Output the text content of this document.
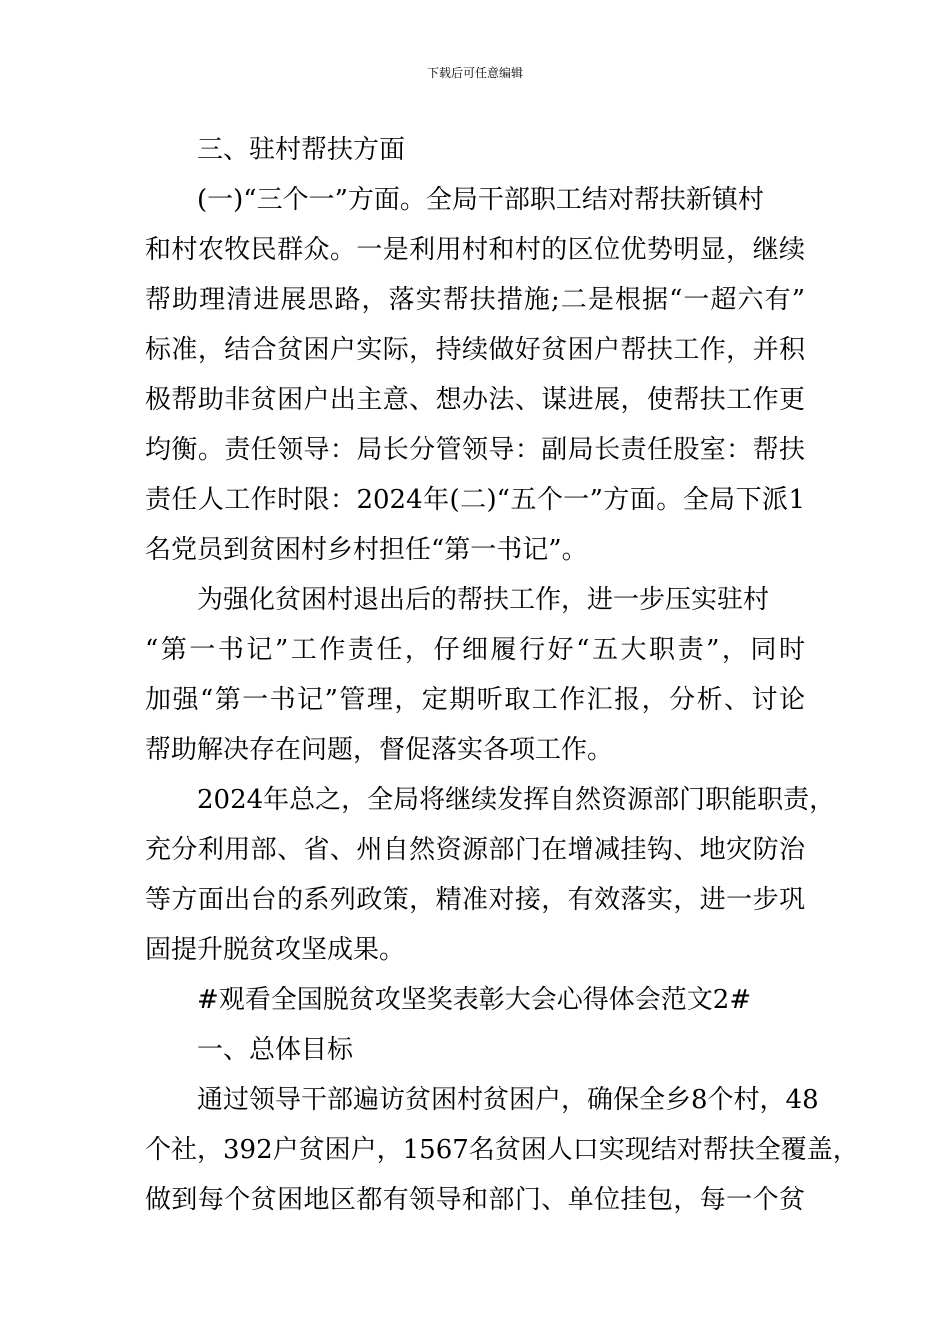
下载后可任意编辑
三、驻村帮扶方面
(一)“三个一”方面。全局干部职工结对帮扶新镇村
和村农牧民群众。一是利用村和村的区位优势明显，继续
帮助理清进展思路，落实帮扶措施;二是根据“一超六有”
标准，结合贫困户实际，持续做好贫困户帮扶工作，并积
极帮助非贫困户出主意、想办法、谋进展，使帮扶工作更
均衡。责任领导：局长分管领导：副局长责任股室：帮扶
责任人工作时限：2024年(二)“五个一”方面。全局下派1
名党员到贫困村乡村担任“第一书记”。
为强化贫困村退出后的帮扶工作，进一步压实驻村
“第一书记”工作责任，仔细履行好“五大职责”，同时
加强“第一书记”管理，定期听取工作汇报，分析、讨论
帮助解决存在问题，督促落实各项工作。
2024年总之，全局将继续发挥自然资源部门职能职责，
充分利用部、省、州自然资源部门在增减挂钩、地灾防治
等方面出台的系列政策，精准对接，有效落实，进一步巩
固提升脱贫攻坚成果。
#观看全国脱贫攻坚奖表彰大会心得体会范文2#
一、总体目标
通过领导干部遍访贫困村贫困户，确保全乡8个村，48
个社，392户贫困户，1567名贫困人口实现结对帮扶全覆盖，
做到每个贫困地区都有领导和部门、单位挂包，每一个贫
